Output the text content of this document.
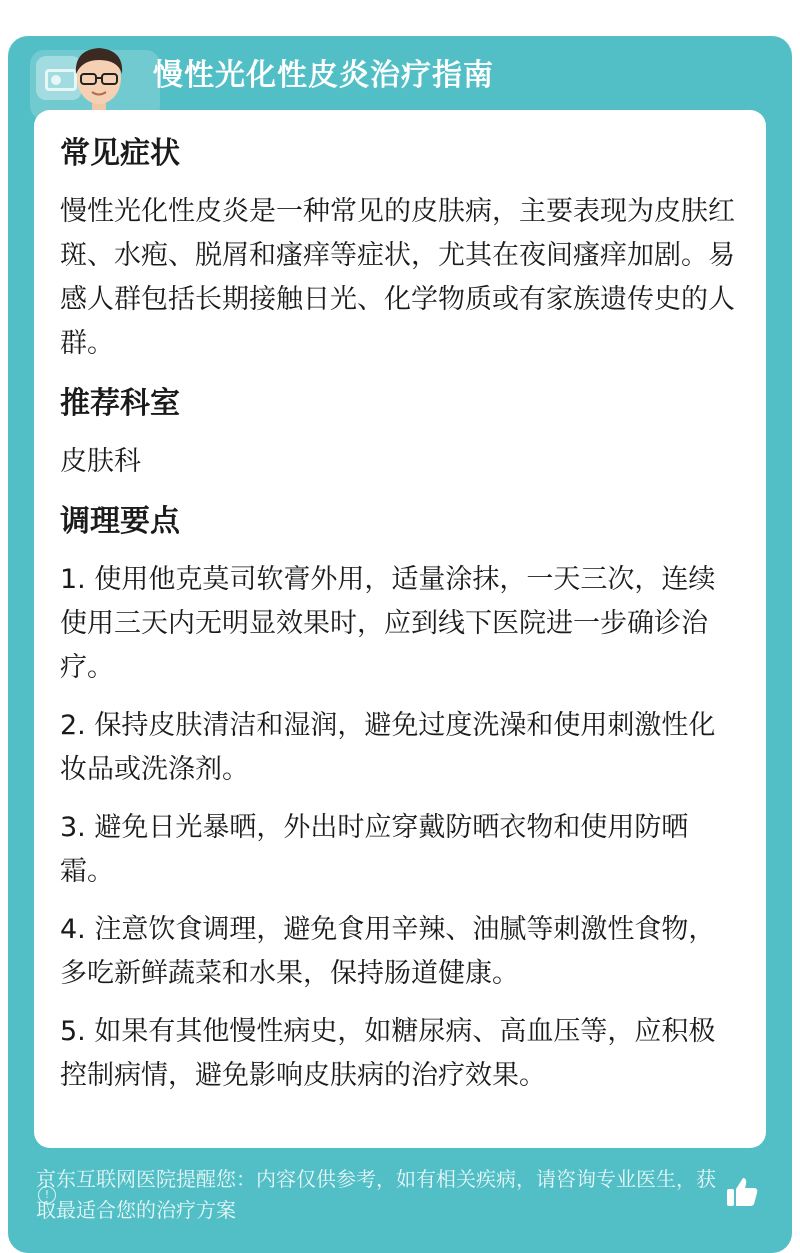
慢性光化性皮炎治疗指南
常见症状
慢性光化性皮炎是一种常见的皮肤病，主要表现为皮肤红斑、水疱、脱屑和瘙痒等症状，尤其在夜间瘙痒加剧。易感人群包括长期接触日光、化学物质或有家族遗传史的人群。
推荐科室
皮肤科
调理要点
1. 使用他克莫司软膏外用，适量涂抹，一天三次，连续使用三天内无明显效果时，应到线下医院进一步确诊治疗。
2. 保持皮肤清洁和湿润，避免过度洗澡和使用刺激性化妆品或洗涤剂。
3. 避免日光暴晒，外出时应穿戴防晒衣物和使用防晒霜。
4. 注意饮食调理，避免食用辛辣、油腻等刺激性食物，多吃新鲜蔬菜和水果，保持肠道健康。
5. 如果有其他慢性病史，如糖尿病、高血压等，应积极控制病情，避免影响皮肤病的治疗效果。
!
京东互联网医院提醒您：内容仅供参考，如有相关疾病，请咨询专业医生，获取最适合您的治疗方案
